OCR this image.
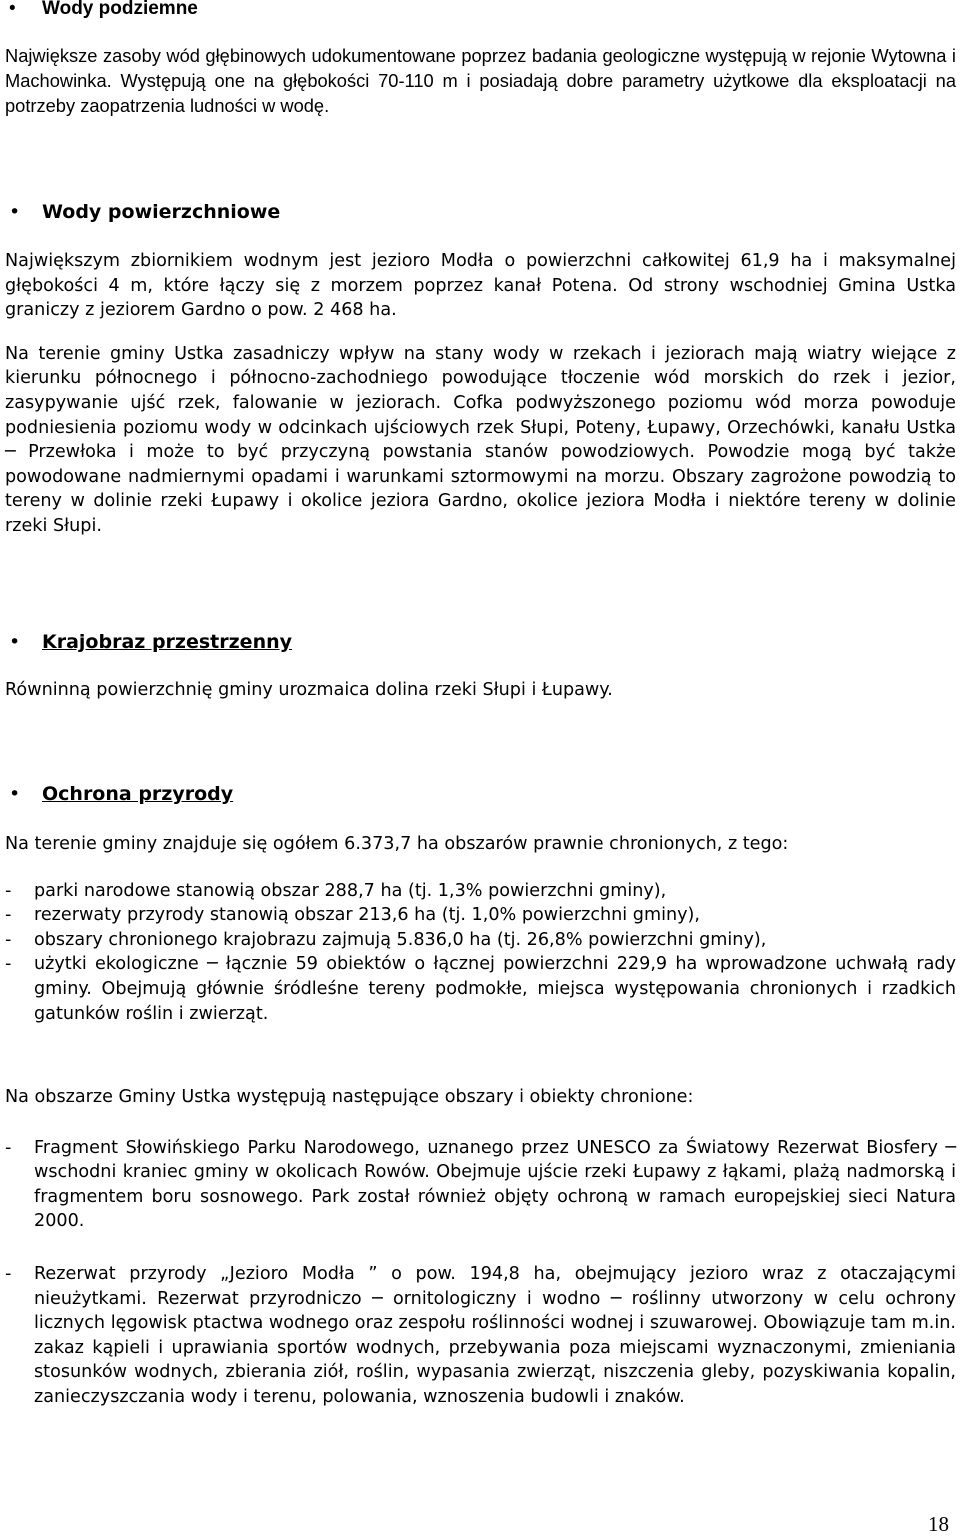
• Wody podziemne

Największe zasoby wód głębinowych udokumentowane poprzez badania geologiczne występują w rejonie Wytowna i Machowinka. Występują one na głębokości 70-110 m i posiadają dobre parametry użytkowe dla eksploatacji na potrzeby zaopatrzenia ludności w wodę.

• Wody powierzchniowe

Największym zbiornikiem wodnym jest jezioro Modła o powierzchni całkowitej 61,9 ha i maksymalnej głębokości 4 m, które łączy się z morzem poprzez kanał Potena. Od strony wschodniej Gmina Ustka graniczy z jeziorem Gardno o pow. 2 468 ha.

Na terenie gminy Ustka zasadniczy wpływ na stany wody w rzekach i jeziorach mają wiatry wiejące z kierunku północnego i północno-zachodniego powodujące tłoczenie wód morskich do rzek i jezior, zasypywanie ujść rzek, falowanie w jeziorach. Cofka podwyższonego poziomu wód morza powoduje podniesienia poziomu wody w odcinkach ujściowych rzek Słupi, Poteny, Łupawy, Orzechówki, kanału Ustka ─ Przewłoka i może to być przyczyną powstania stanów powodziowych. Powodzie mogą być także powodowane nadmiernymi opadami i warunkami sztormowymi na morzu. Obszary zagrożone powodzią to tereny w dolinie rzeki Łupawy i okolice jeziora Gardno, okolice jeziora Modła i niektóre tereny w dolinie rzeki Słupi.

• Krajobraz przestrzenny

Równinną powierzchnię gminy urozmaica dolina rzeki Słupi i Łupawy.

• Ochrona przyrody

Na terenie gminy znajduje się ogółem 6.373,7 ha obszarów prawnie chronionych, z tego:

- parki narodowe stanowią obszar 288,7 ha (tj. 1,3% powierzchni gminy),
- rezerwaty przyrody stanowią obszar 213,6 ha (tj. 1,0% powierzchni gminy),
- obszary chronionego krajobrazu zajmują 5.836,0 ha (tj. 26,8% powierzchni gminy),
- użytki ekologiczne ─ łącznie 59 obiektów o łącznej powierzchni 229,9 ha wprowadzone uchwałą rady gminy. Obejmują głównie śródleśne tereny podmokłe, miejsca występowania chronionych i rzadkich gatunków roślin i zwierząt.

Na obszarze Gminy Ustka występują następujące obszary i obiekty chronione:

- Fragment Słowińskiego Parku Narodowego, uznanego przez UNESCO za Światowy Rezerwat Biosfery ─ wschodni kraniec gminy w okolicach Rowów. Obejmuje ujście rzeki Łupawy z łąkami, plażą nadmorską i fragmentem boru sosnowego. Park został również objęty ochroną w ramach europejskiej sieci Natura 2000.
- Rezerwat przyrody „Jezioro Modła ” o pow. 194,8 ha, obejmujący jezioro wraz z otaczającymi nieużytkami. Rezerwat przyrodniczo ─ ornitologiczny i wodno ─ roślinny utworzony w celu ochrony licznych lęgowisk ptactwa wodnego oraz zespołu roślinności wodnej i szuwarowej. Obowiązuje tam m.in. zakaz kąpieli i uprawiania sportów wodnych, przebywania poza miejscami wyznaczonymi, zmieniania stosunków wodnych, zbierania ziół, roślin, wypasania zwierząt, niszczenia gleby, pozyskiwania kopalin, zanieczyszczania wody i terenu, polowania, wznoszenia budowli i znaków.
18
